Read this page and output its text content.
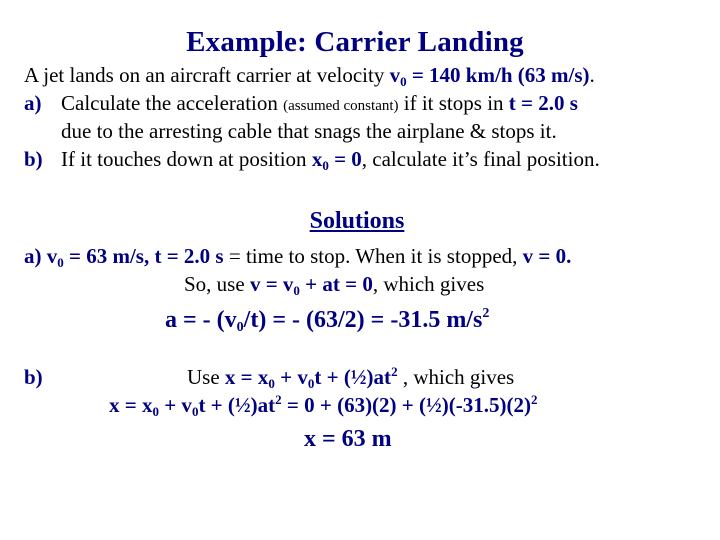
Example: Carrier Landing
A jet lands on an aircraft carrier at velocity $v_0 = 140$ km/h (63 m/s).
a) Calculate the acceleration (assumed constant) if it stops in t = 2.0 s
due to the arresting cable that snags the airplane & stops it.
b) If it touches down at position $x_0 = 0$, calculate it’s final position.
Solutions
a) $v_0 = 63$ m/s, t = 2.0 s = time to stop. When it is stopped, v = 0.
So, use $v = v_0$ + at = 0, which gives
a = - $(v_0/t)$ = - (63/2) = -31.5 $m/s^2$
b)	Use $x = x_0 + v_0t$ + $(\frac{1}{2})at^2$ , which gives
$x = x_0 + v_0t$ + $(\frac{1}{2})at^2 = 0 + (63)(2)$ + $(\frac{1}{2})(-31.5)(2)^2$
x = 63 m
